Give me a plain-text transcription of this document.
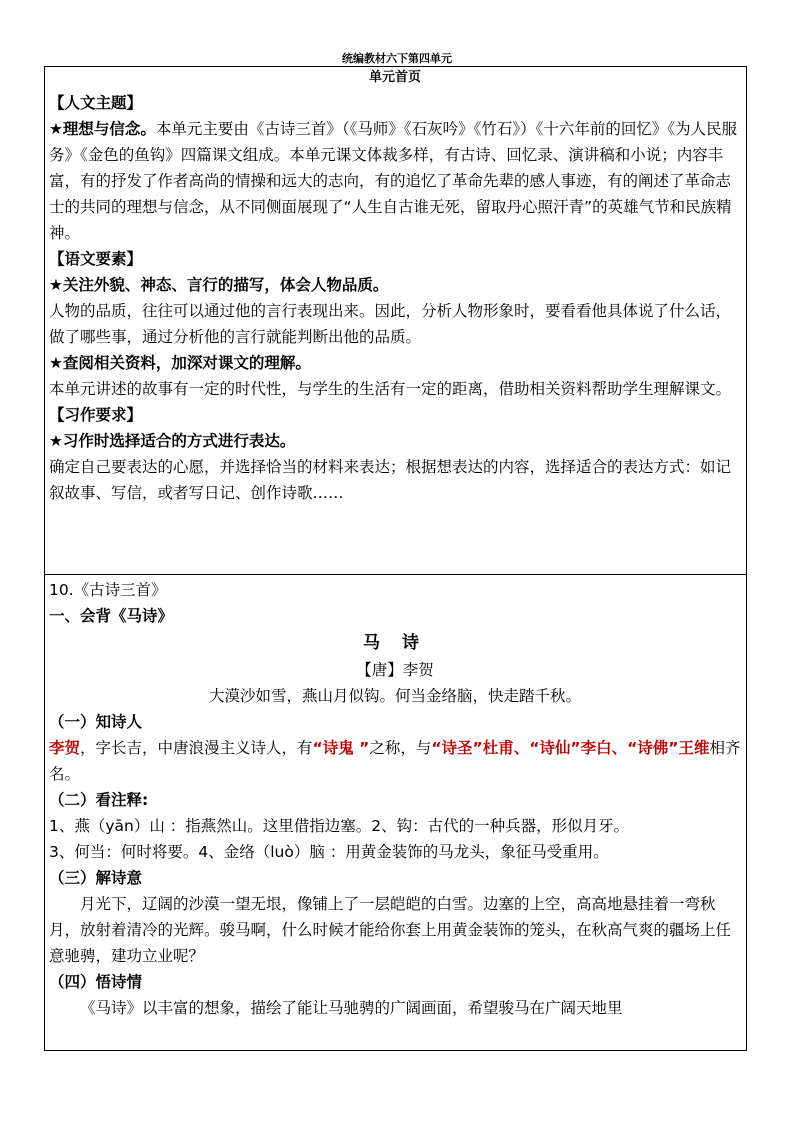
统编教材六下第四单元

单元首页

【人文主题】

★理想与信念。本单元主要由《古诗三首》（《马师》《石灰吟》《竹石》）《十六年前的回忆》《为人民服务》《金色的鱼钩》四篇课文组成。本单元课文体裁多样，有古诗、回忆录、演讲稿和小说；内容丰富，有的抒发了作者高尚的情操和远大的志向，有的追忆了革命先辈的感人事迹，有的阐述了革命志士的共同的理想与信念，从不同侧面展现了“人生自古谁无死，留取丹心照汗青”的英雄气节和民族精神。

【语文要素】

★关注外貌、神态、言行的描写，体会人物品质。

人物的品质，往往可以通过他的言行表现出来。因此，分析人物形象时，要看看他具体说了什么话，做了哪些事，通过分析他的言行就能判断出他的品质。

★查阅相关资料，加深对课文的理解。

本单元讲述的故事有一定的时代性，与学生的生活有一定的距离，借助相关资料帮助学生理解课文。

【习作要求】

★习作时选择适合的方式进行表达。

确定自己要表达的心愿，并选择恰当的材料来表达；根据想表达的内容，选择适合的表达方式：如记叙故事、写信，或者写日记、创作诗歌……

10.《古诗三首》

一、会背《马诗》

马 诗

【唐】李贺

大漠沙如雪，燕山月似钩。何当金络脑，快走踏千秋。

（一）知诗人

李贺，字长吉，中唐浪漫主义诗人，有“诗鬼 ”之称，与“诗圣”杜甫、“诗仙”李白、“诗佛”王维相齐名。

（二）看注释:

1、燕（yān）山 ：指燕然山。这里借指边塞。2、钩：古代的一种兵器，形似月牙。

3、何当：何时将要。4、金络（luò）脑 ：用黄金装饰的马龙头，象征马受重用。

（三）解诗意

月光下，辽阔的沙漠一望无垠，像铺上了一层皑皑的白雪。边塞的上空，高高地悬挂着一弯秋月，放射着清冷的光辉。骏马啊，什么时候才能给你套上用黄金装饰的笼头，在秋高气爽的疆场上任意驰骋，建功立业呢？

（四）悟诗情

《马诗》以丰富的想象，描绘了能让马驰骋的广阔画面，希望骏马在广阔天地里
